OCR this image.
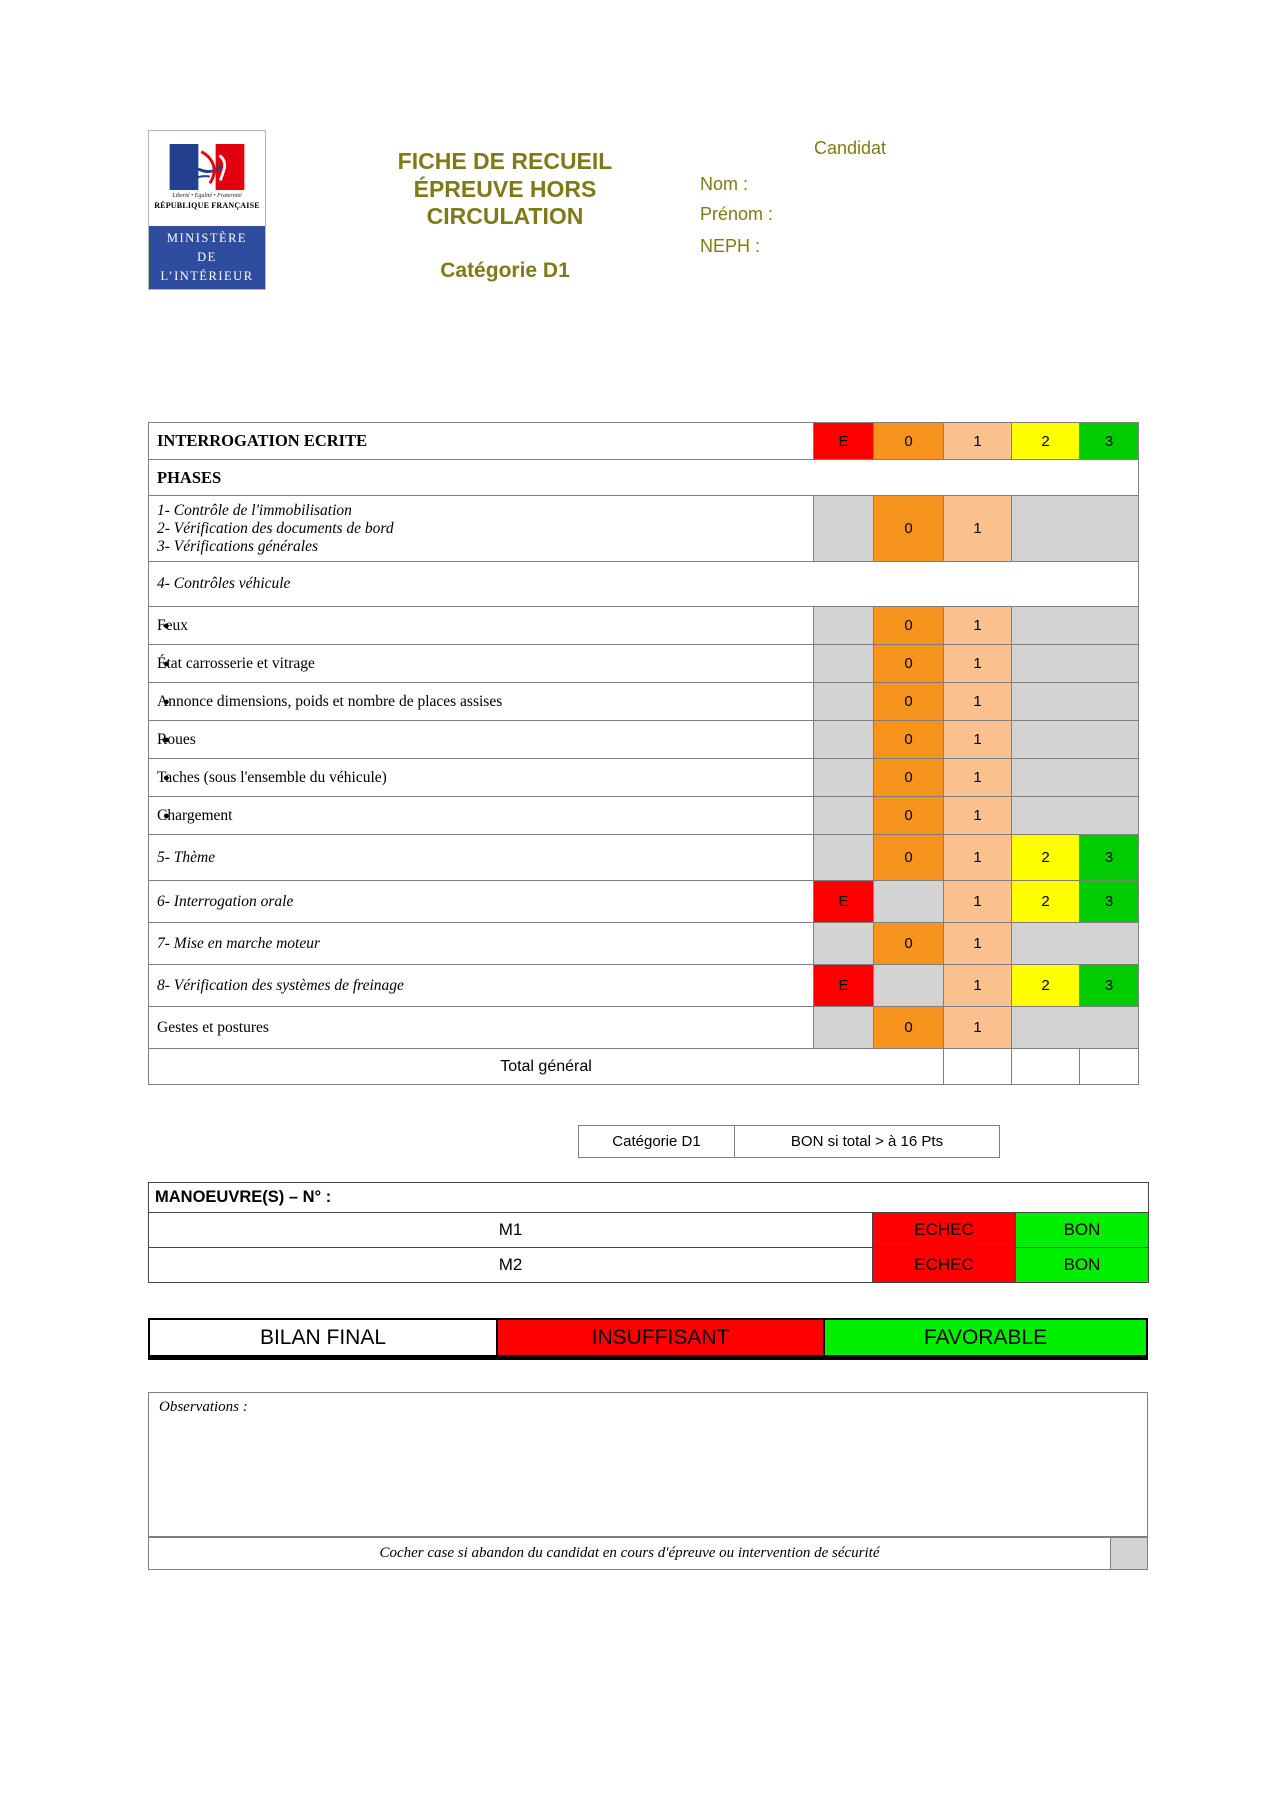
Liberté • Égalité • Fraternité
RÉPUBLIQUE FRANÇAISE
MINISTÈRE
DE
L’INTÉRIEUR
FICHE DE RECUEIL
ÉPREUVE HORS
CIRCULATION
Catégorie D1
Candidat
Nom :
Prénom :
NEPH :
INTERROGATION ECRITE	E	0	1	2	3
PHASES					

1- Contrôle de l'immobilisation
2- Vérification des documents de bord
3- Vérifications générales		0	1		
4- Contrôles véhicule					
● Feux		0	1		
● État carrosserie et vitrage		0	1		
● Annonce dimensions, poids et nombre de places assises		0	1		
● Roues		0	1		
● Taches (sous l'ensemble du véhicule)		0	1		
● Chargement		0	1		
5- Thème		0	1	2	3
6- Interrogation orale	E		1	2	3
7- Mise en marche moteur		0	1		
8- Vérification des systèmes de freinage	E		1	2	3
Gestes et postures		0	1		
Total général					
Catégorie D1	BON si total > à 16 Pts
MANOEUVRE(S) – N° :		
M1	ECHEC	BON
M2	ECHEC	BON
BILAN FINAL	INSUFFISANT	FAVORABLE
Observations :
Cocher case si abandon du candidat en cours d'épreuve ou intervention de sécurité
